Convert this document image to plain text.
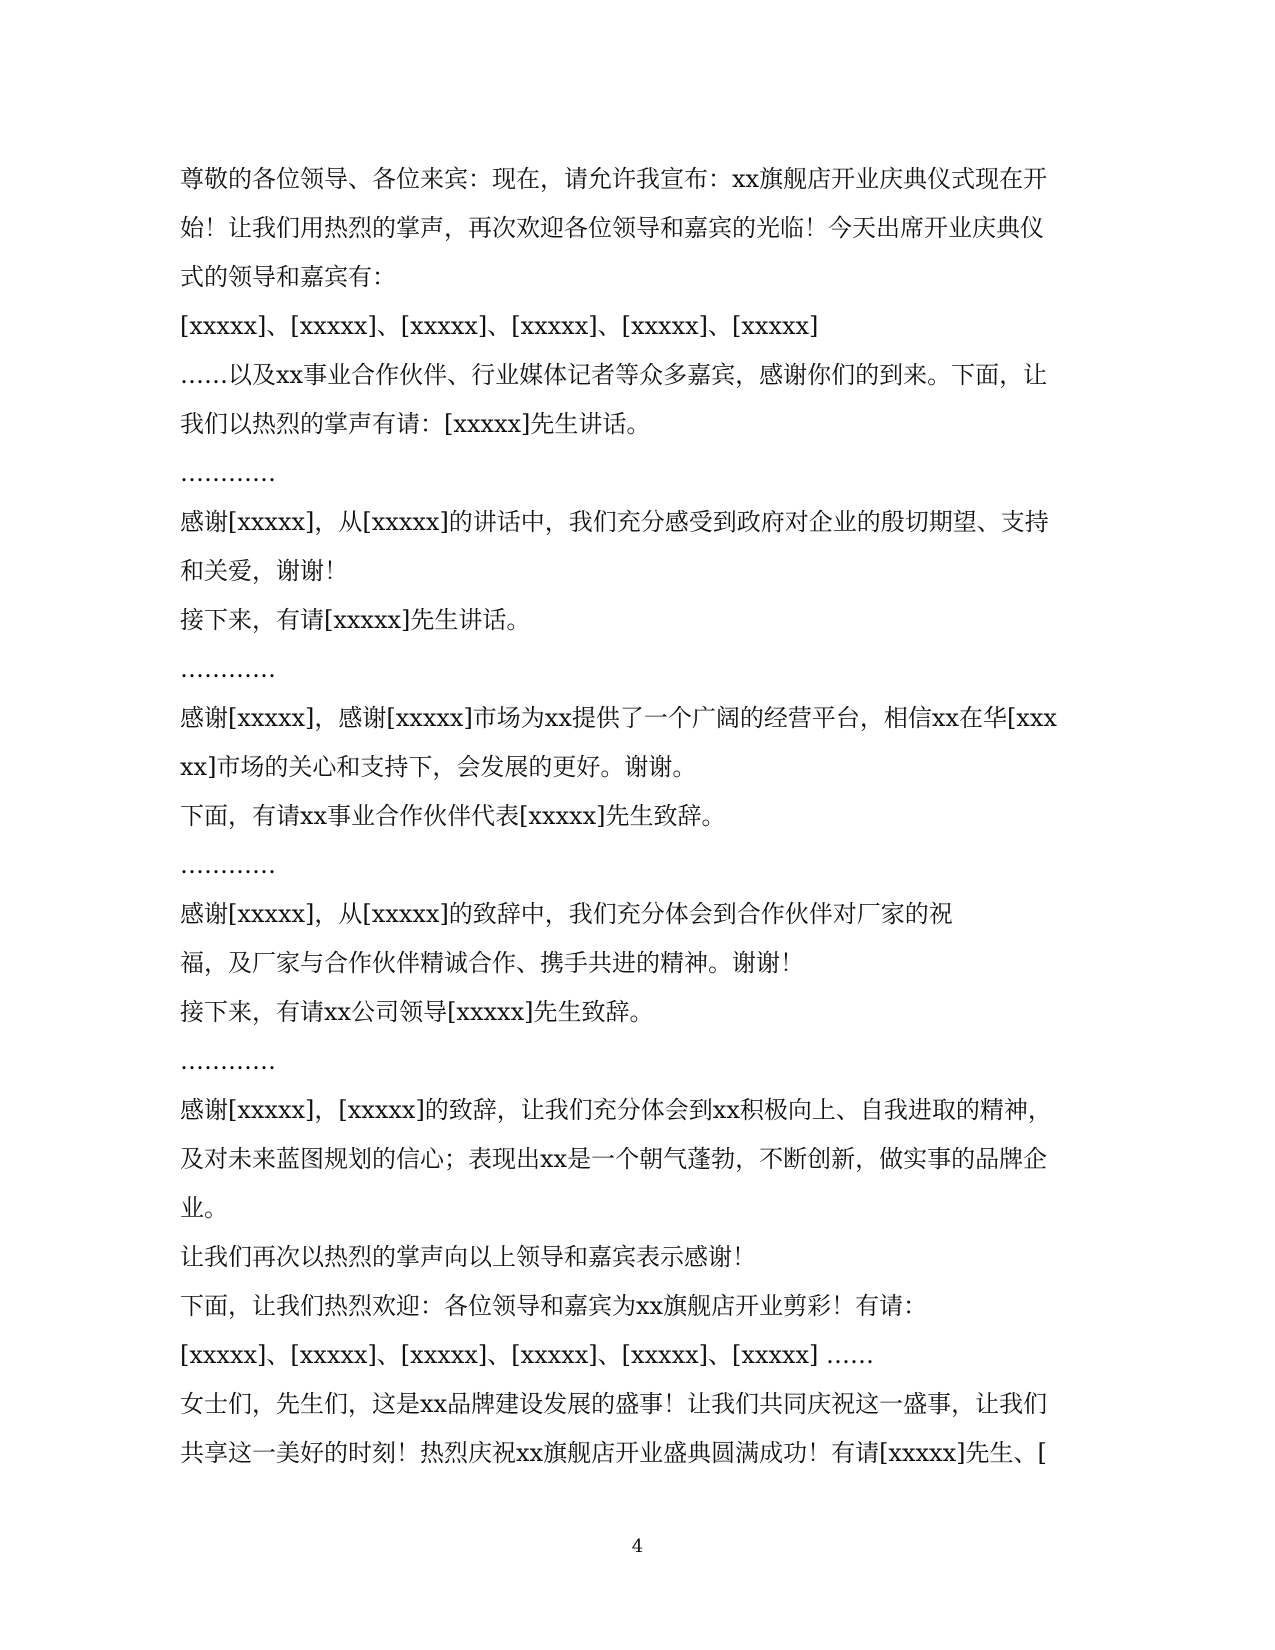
尊敬的各位领导、各位来宾：现在，请允许我宣布：xx旗舰店开业庆典仪式现在开
始！让我们用热烈的掌声，再次欢迎各位领导和嘉宾的光临！今天出席开业庆典仪
式的领导和嘉宾有：
[xxxxx]、[xxxxx]、[xxxxx]、[xxxxx]、[xxxxx]、[xxxxx]
……以及xx事业合作伙伴、行业媒体记者等众多嘉宾，感谢你们的到来。下面，让
我们以热烈的掌声有请：[xxxxx]先生讲话。
…………
感谢[xxxxx]，从[xxxxx]的讲话中，我们充分感受到政府对企业的殷切期望、支持
和关爱，谢谢！
接下来，有请[xxxxx]先生讲话。
…………
感谢[xxxxx]，感谢[xxxxx]市场为xx提供了一个广阔的经营平台，相信xx在华[xxx
xx]市场的关心和支持下，会发展的更好。谢谢。
下面，有请xx事业合作伙伴代表[xxxxx]先生致辞。
…………
感谢[xxxxx]，从[xxxxx]的致辞中，我们充分体会到合作伙伴对厂家的祝
福，及厂家与合作伙伴精诚合作、携手共进的精神。谢谢！
接下来，有请xx公司领导[xxxxx]先生致辞。
…………
感谢[xxxxx]，[xxxxx]的致辞，让我们充分体会到xx积极向上、自我进取的精神，
及对未来蓝图规划的信心；表现出xx是一个朝气蓬勃，不断创新，做实事的品牌企
业。
让我们再次以热烈的掌声向以上领导和嘉宾表示感谢！
下面，让我们热烈欢迎：各位领导和嘉宾为xx旗舰店开业剪彩！有请：
[xxxxx]、[xxxxx]、[xxxxx]、[xxxxx]、[xxxxx]、[xxxxx] ……
女士们，先生们，这是xx品牌建设发展的盛事！让我们共同庆祝这一盛事，让我们
共享这一美好的时刻！热烈庆祝xx旗舰店开业盛典圆满成功！有请[xxxxx]先生、[
4
